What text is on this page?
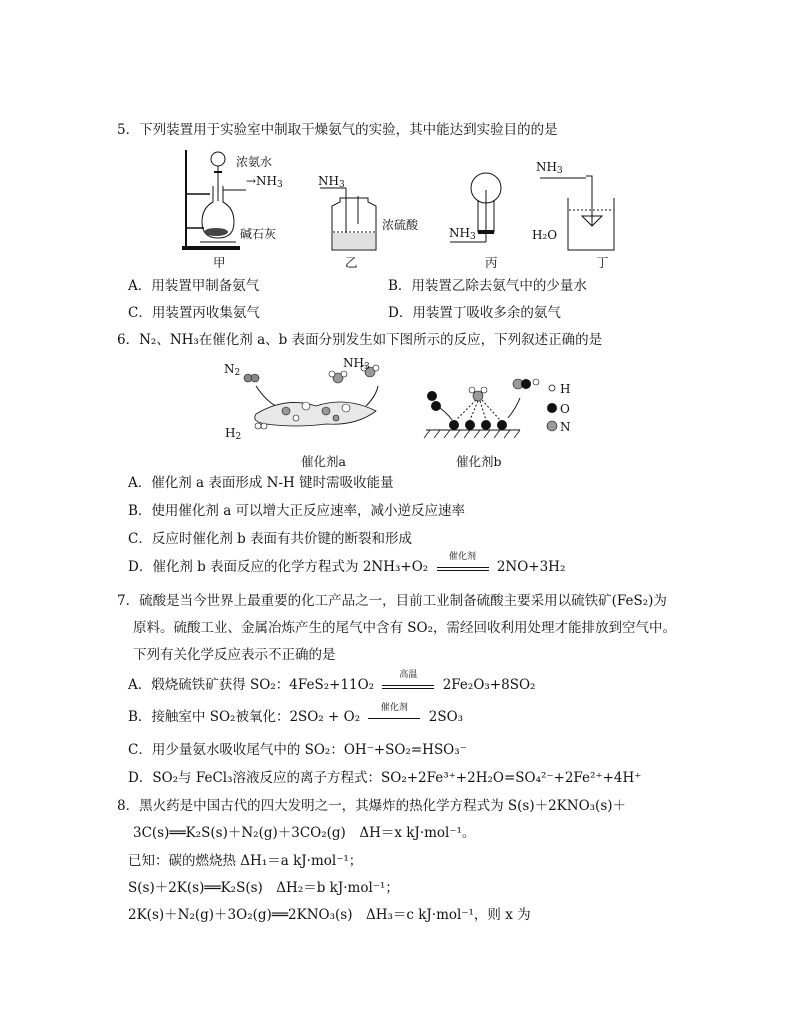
5．下列装置用于实验室中制取干燥氨气的实验，其中能达到实验目的的是
浓氨水
$\to NH_3$
碱石灰
甲
$NH_3$
浓硫酸
乙
$NH_3$
丙
$NH_3$
H₂O
丁
A．用装置甲制备氨气	B．用装置乙除去氨气中的少量水
C．用装置丙收集氨气	D．用装置丁吸收多余的氨气
6．N₂、NH₃在催化剂 a、b 表面分别发生如下图所示的反应，下列叙述正确的是
$N_2$
$NH_3$
$H_2$
催化剂a
H
O
N
催化剂b
A．催化剂 a 表面形成 N-H 键时需吸收能量
B．使用催化剂 a 可以增大正反应速率，减小逆反应速率
C．反应时催化剂 b 表面有共价键的断裂和形成
D．催化剂 b 表面反应的化学方程式为 2NH₃+O₂
催化剂
2NO+3H₂
7．硫酸是当今世界上最重要的化工产品之一，目前工业制备硫酸主要采用以硫铁矿(FeS₂)为
原料。硫酸工业、金属冶炼产生的尾气中含有 SO₂，需经回收利用处理才能排放到空气中。
下列有关化学反应表示不正确的是
A．煅烧硫铁矿获得 SO₂：4FeS₂+11O₂
高温
2Fe₂O₃+8SO₂
B．接触室中 SO₂被氧化：2SO₂ + O₂
催化剂
2SO₃
C．用少量氨水吸收尾气中的 SO₂：OH⁻+SO₂=HSO₃⁻
D．SO₂与 FeCl₃溶液反应的离子方程式：SO₂+2Fe³⁺+2H₂O=SO₄²⁻+2Fe²⁺+4H⁺
8．黑火药是中国古代的四大发明之一，其爆炸的热化学方程式为 S(s)＋2KNO₃(s)＋
3C(s)══K₂S(s)＋N₂(g)＋3CO₂(g)　ΔH＝x kJ·mol⁻¹。
已知：碳的燃烧热 ΔH₁＝a kJ·mol⁻¹；
S(s)＋2K(s)══K₂S(s)　ΔH₂＝b kJ·mol⁻¹；
2K(s)＋N₂(g)＋3O₂(g)══2KNO₃(s)　ΔH₃＝c kJ·mol⁻¹，则 x 为
